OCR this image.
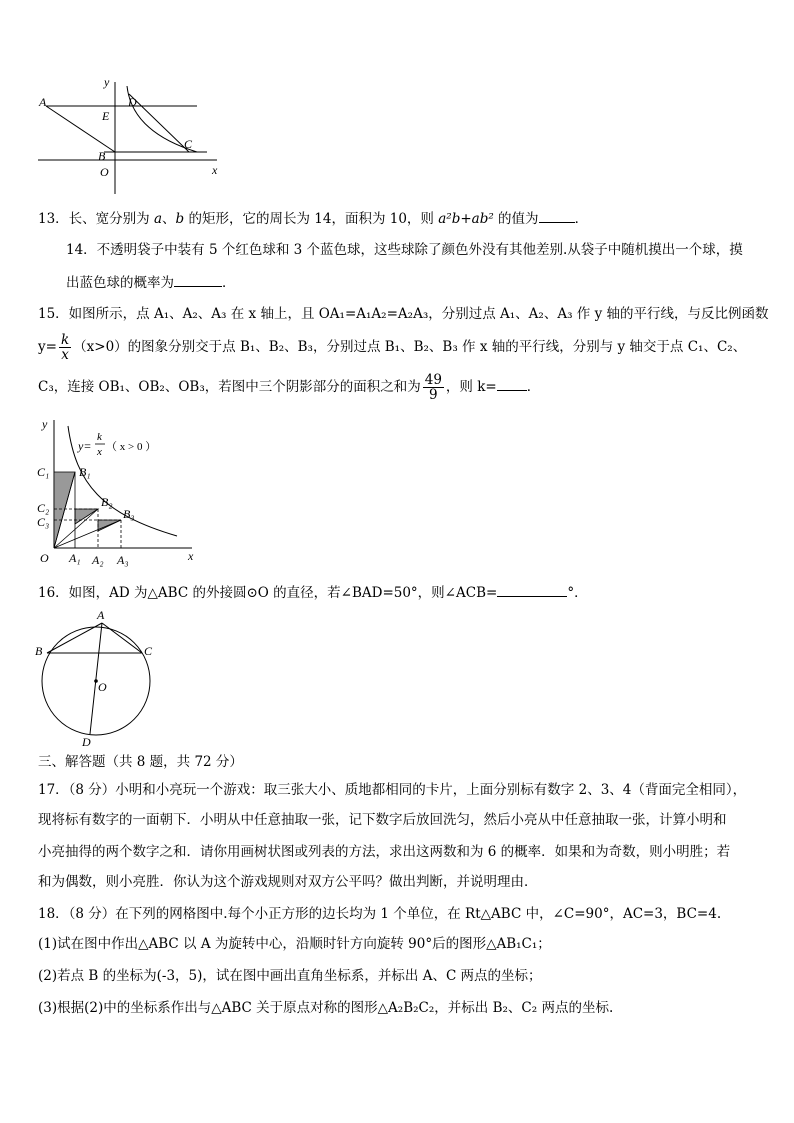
y
x
A	D
E
C
B
O
13．长、宽分别为 a、b 的矩形，它的周长为 14，面积为 10，则 a²b+ab² 的值为	．
14．不透明袋子中装有 5 个红色球和 3 个蓝色球，这些球除了颜色外没有其他差别.从袋子中随机摸出一个球，摸
出蓝色球的概率为	．
15．如图所示，点 A₁、A₂、A₃ 在 x 轴上，且 OA₁=A₁A₂=A₂A₃，分别过点 A₁、A₂、A₃ 作 y 轴的平行线，与反比例函数
$y= \frac{k}{x} (x>0)$的图象分别交于点 B₁、B₂、B₃，分别过点 B₁、B₂、B₃ 作 x 轴的平行线，分别与 y 轴交于点 C₁、C₂、
C₃，连接 OB₁、OB₂、OB₃，若图中三个阴影部分的面积之和为 $\frac{49}{9}$ ，则 k= ．
y
y=
k
x （ x > 0 ）
C₁ B₁
C₂	B₂
C₃
B₃
O A₁ A₂ A₃	x
16．如图，AD 为△ABC 的外接圆⊙O 的直径，若∠BAD=50°，则∠ACB=	°．
A
B	C
O
D
三、解答题（共 8 题，共 72 分）
17．（8 分）小明和小亮玩一个游戏：取三张大小、质地都相同的卡片，上面分别标有数字 2、3、4（背面完全相同），
现将标有数字的一面朝下．小明从中任意抽取一张，记下数字后放回洗匀，然后小亮从中任意抽取一张，计算小明和
小亮抽得的两个数字之和．请你用画树状图或列表的方法，求出这两数和为 6 的概率．如果和为奇数，则小明胜；若
和为偶数，则小亮胜．你认为这个游戏规则对双方公平吗？做出判断，并说明理由．
18．（8 分）在下列的网格图中.每个小正方形的边长均为 1 个单位，在 Rt△ABC 中，∠C=90°，AC=3，BC=4.
(1)试在图中作出△ABC 以 A 为旋转中心，沿顺时针方向旋转 90°后的图形△AB₁C₁；
(2)若点 B 的坐标为(-3，5)，试在图中画出直角坐标系，并标出 A、C 两点的坐标；
(3)根据(2)中的坐标系作出与△ABC 关于原点对称的图形△A₂B₂C₂，并标出 B₂、C₂ 两点的坐标.
